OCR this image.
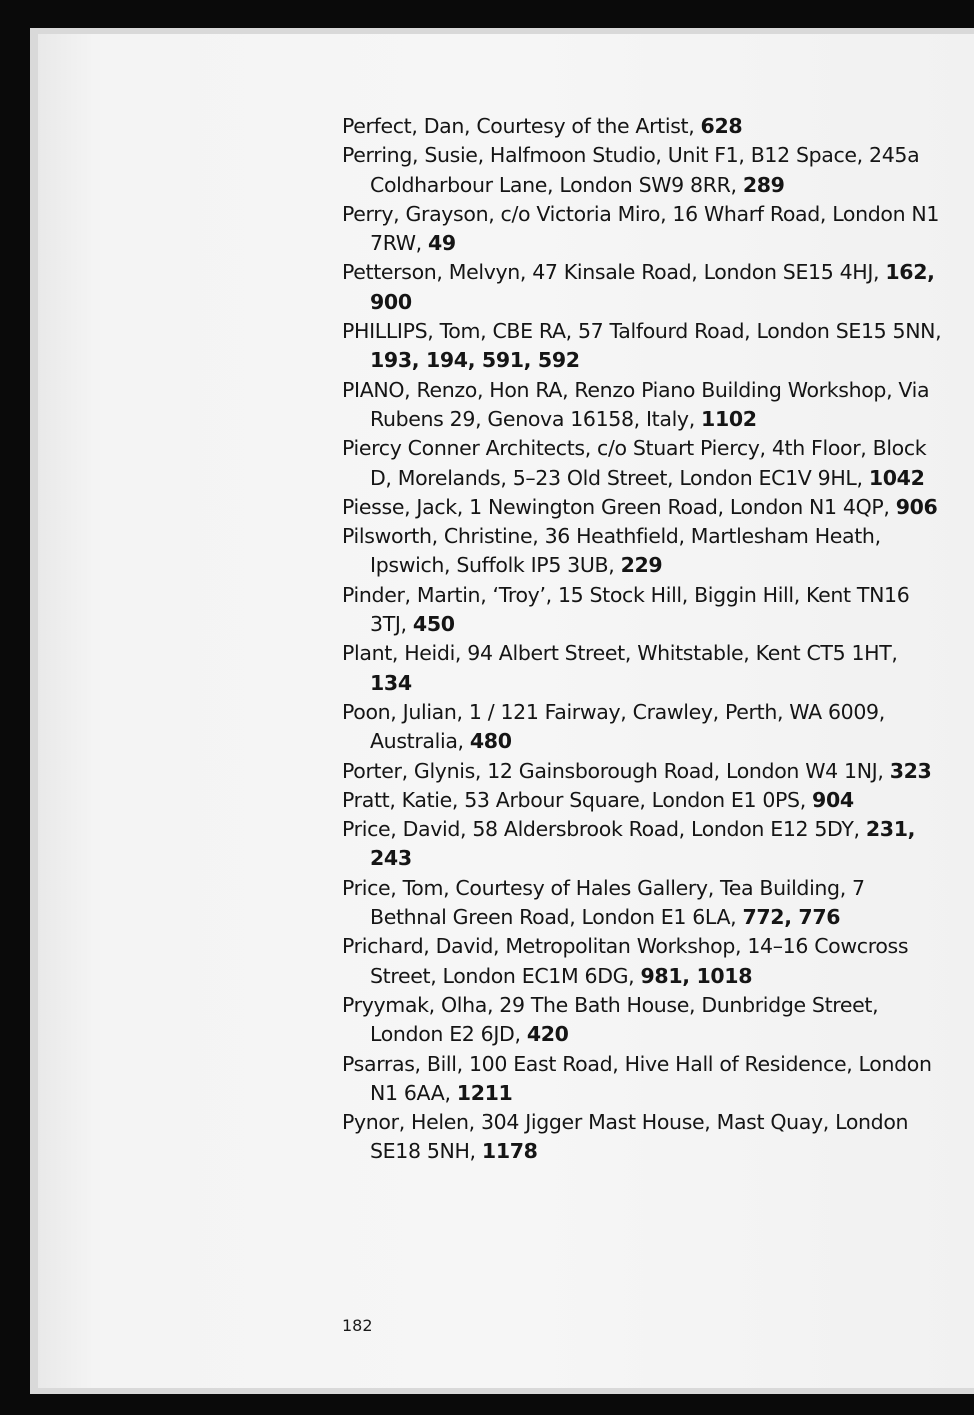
Perfect, Dan, Courtesy of the Artist, 628
Perring, Susie, Halfmoon Studio, Unit F1, B12 Space, 245a Coldharbour Lane, London SW9 8RR, 289
Perry, Grayson, c/o Victoria Miro, 16 Wharf Road, London N1 7RW, 49
Petterson, Melvyn, 47 Kinsale Road, London SE15 4HJ, 162, 900
PHILLIPS, Tom, CBE RA, 57 Talfourd Road, London SE15 5NN, 193, 194, 591, 592
PIANO, Renzo, Hon RA, Renzo Piano Building Workshop, Via Rubens 29, Genova 16158, Italy, 1102
Piercy Conner Architects, c/o Stuart Piercy, 4th Floor, Block D, Morelands, 5–23 Old Street, London EC1V 9HL, 1042
Piesse, Jack, 1 Newington Green Road, London N1 4QP, 906
Pilsworth, Christine, 36 Heathfield, Martlesham Heath, Ipswich, Suffolk IP5 3UB, 229
Pinder, Martin, ‘Troy’, 15 Stock Hill, Biggin Hill, Kent TN16 3TJ, 450
Plant, Heidi, 94 Albert Street, Whitstable, Kent CT5 1HT, 134
Poon, Julian, 1 / 121 Fairway, Crawley, Perth, WA 6009, Australia, 480
Porter, Glynis, 12 Gainsborough Road, London W4 1NJ, 323
Pratt, Katie, 53 Arbour Square, London E1 0PS, 904
Price, David, 58 Aldersbrook Road, London E12 5DY, 231, 243
Price, Tom, Courtesy of Hales Gallery, Tea Building, 7 Bethnal Green Road, London E1 6LA, 772, 776
Prichard, David, Metropolitan Workshop, 14–16 Cowcross Street, London EC1M 6DG, 981, 1018
Pryymak, Olha, 29 The Bath House, Dunbridge Street, London E2 6JD, 420
Psarras, Bill, 100 East Road, Hive Hall of Residence, London N1 6AA, 1211
Pynor, Helen, 304 Jigger Mast House, Mast Quay, London SE18 5NH, 1178
182
